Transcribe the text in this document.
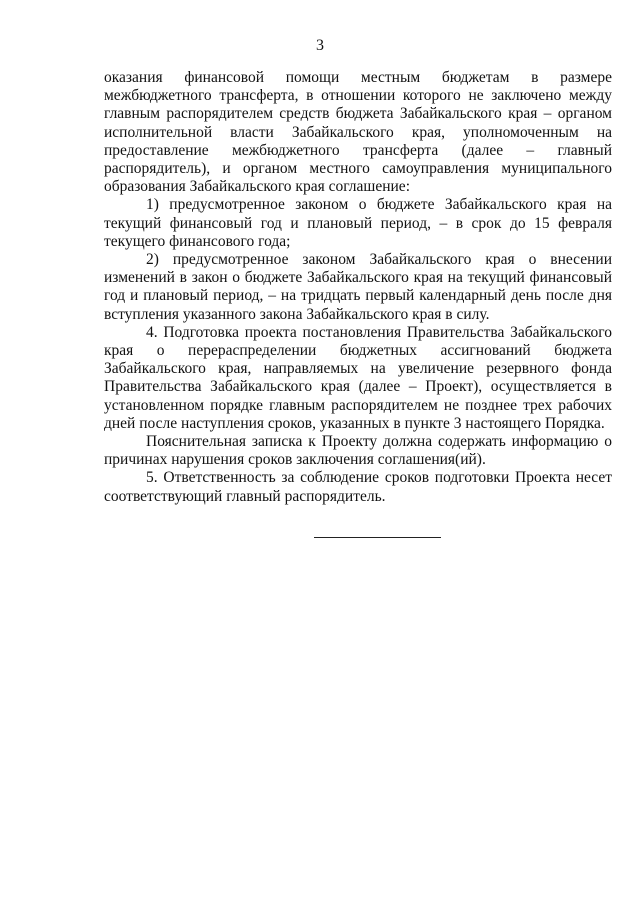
3

оказания финансовой помощи местным бюджетам в размере межбюджетного трансферта, в отношении которого не заключено между главным распорядителем средств бюджета Забайкальского края – органом исполнительной власти Забайкальского края, уполномоченным на предоставление межбюджетного трансферта (далее – главный распорядитель), и органом местного самоуправления муниципального образования Забайкальского края соглашение:

1) предусмотренное законом о бюджете Забайкальского края на текущий финансовый год и плановый период, – в срок до 15 февраля текущего финансового года;

2) предусмотренное законом Забайкальского края о внесении изменений в закон о бюджете Забайкальского края на текущий финансовый год и плановый период, – на тридцать первый календарный день после дня вступления указанного закона Забайкальского края в силу.

4. Подготовка проекта постановления Правительства Забайкальского края о перераспределении бюджетных ассигнований бюджета Забайкальского края, направляемых на увеличение резервного фонда Правительства Забайкальского края (далее – Проект), осуществляется в установленном порядке главным распорядителем не позднее трех рабочих дней после наступления сроков, указанных в пункте 3 настоящего Порядка.

Пояснительная записка к Проекту должна содержать информацию о причинах нарушения сроков заключения соглашения(ий).

5. Ответственность за соблюдение сроков подготовки Проекта несет соответствующий главный распорядитель.
